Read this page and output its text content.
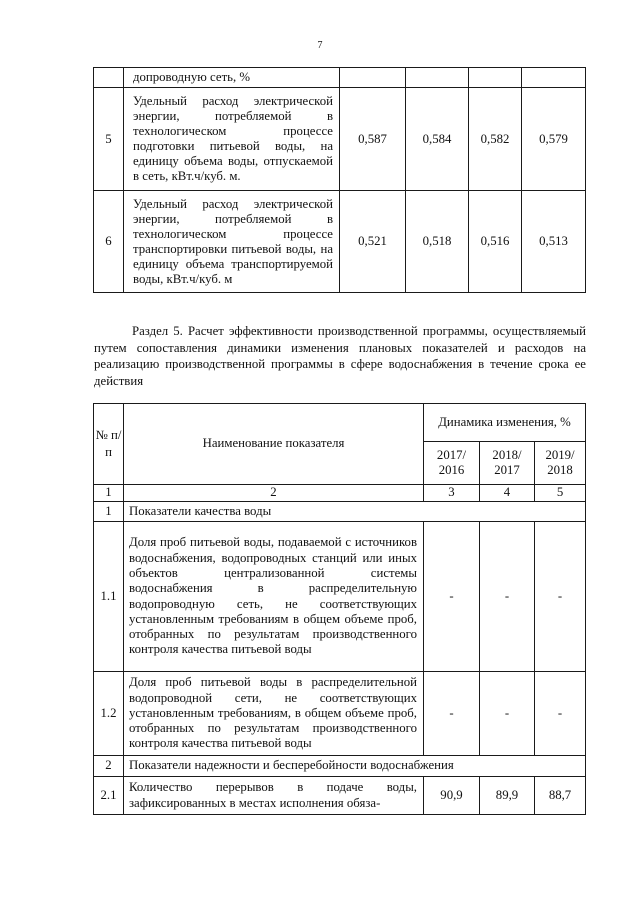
7
	допроводную сеть, %				
5	Удельный расход электрической энергии, потребляемой в технологическом процессе подготовки питьевой воды, на единицу объема воды, отпускаемой в сеть, кВт.ч/куб. м.	0,587	0,584	0,582	0,579
6	Удельный расход электрической энергии, потребляемой в технологическом процессе транспортировки питьевой воды, на единицу объема транспортируемой воды, кВт.ч/куб. м	0,521	0,518	0,516	0,513

Раздел 5. Расчет эффективности производственной программы, осуществляемый путем сопоставления динамики изменения плановых показателей и расходов на реализацию производственной программы в сфере водоснабжения в течение срока ее действия

№ п/п	Наименование показателя	Динамика изменения, %		
		2017/ 2016	2018/ 2017	2019/ 2018
1	2	3	4	5
1	Показатели качества воды			
1.1	Доля проб питьевой воды, подаваемой с источников водоснабжения, водопроводных станций или иных объектов централизованной системы водоснабжения в распределительную водопроводную сеть, не соответствующих установленным требованиям в общем объеме проб, отобранных по результатам производственного контроля качества питьевой воды	-	-	-
1.2	Доля проб питьевой воды в распределительной водопроводной сети, не соответствующих установленным требованиям, в общем объеме проб, отобранных по результатам производственного контроля качества питьевой воды	-	-	-
2	Показатели надежности и бесперебойности водоснабжения			
2.1	Количество перерывов в подаче воды, зафиксированных в местах исполнения обяза-	90,9	89,9	88,7
